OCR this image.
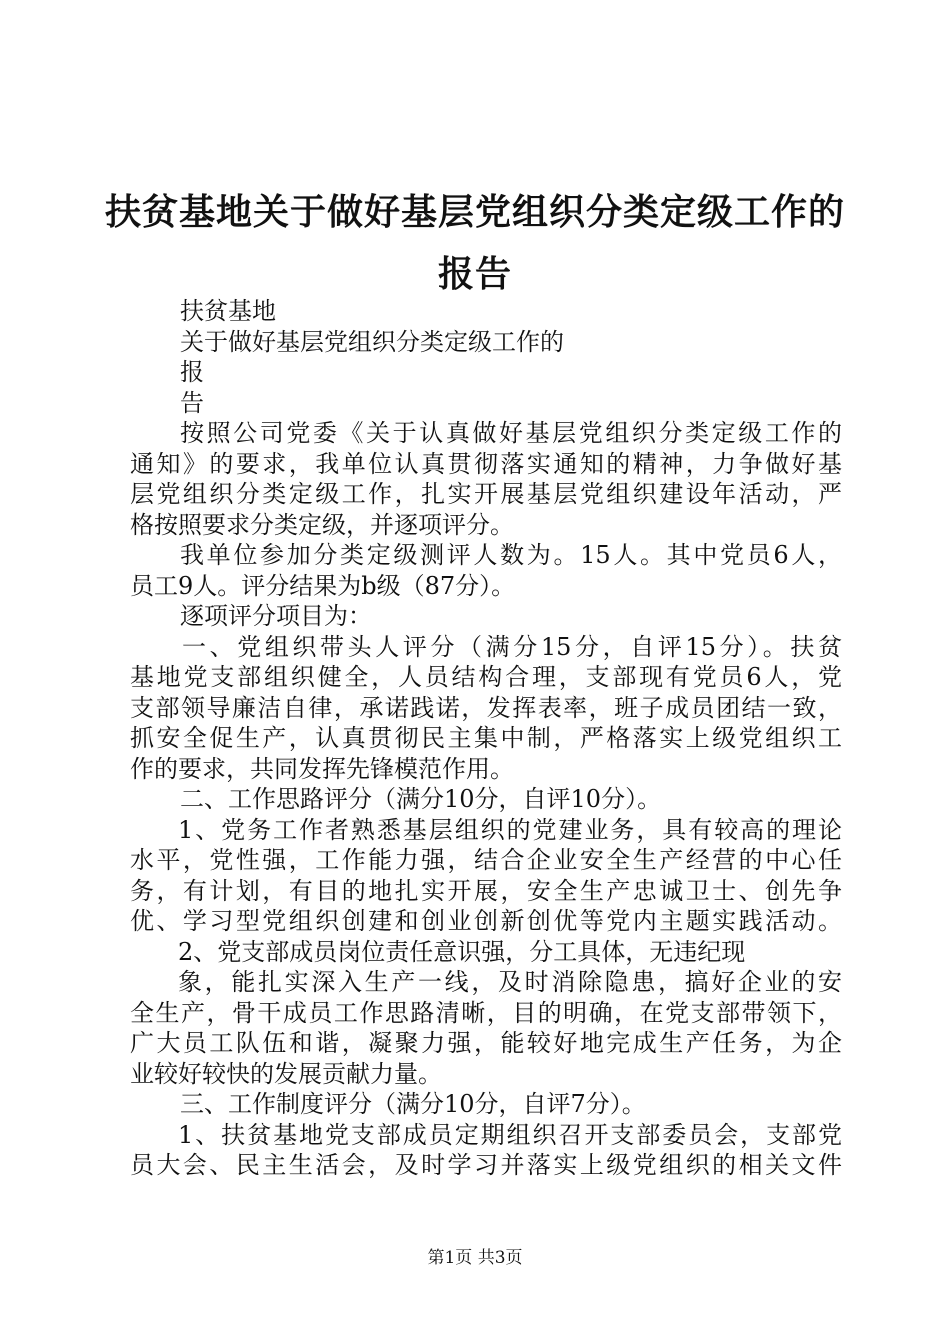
扶贫基地关于做好基层党组织分类定级工作的
报告
扶贫基地
关于做好基层党组织分类定级工作的
报
告
按照公司党委《关于认真做好基层党组织分类定级工作的
通知》的要求，我单位认真贯彻落实通知的精神，力争做好基
层党组织分类定级工作，扎实开展基层党组织建设年活动，严
格按照要求分类定级，并逐项评分。
我单位参加分类定级测评人数为。15人。其中党员6人，
员工9人。评分结果为b级（87分）。
逐项评分项目为：
一、党组织带头人评分（满分15分，自评15分）。扶贫
基地党支部组织健全，人员结构合理，支部现有党员6人，党
支部领导廉洁自律，承诺践诺，发挥表率，班子成员团结一致，
抓安全促生产，认真贯彻民主集中制，严格落实上级党组织工
作的要求，共同发挥先锋模范作用。
二、工作思路评分（满分10分，自评10分）。
1、党务工作者熟悉基层组织的党建业务，具有较高的理论
水平，党性强，工作能力强，结合企业安全生产经营的中心任
务，有计划，有目的地扎实开展，安全生产忠诚卫士、创先争
优、学习型党组织创建和创业创新创优等党内主题实践活动。
2、党支部成员岗位责任意识强，分工具体，无违纪现
象，能扎实深入生产一线，及时消除隐患，搞好企业的安
全生产，骨干成员工作思路清晰，目的明确，在党支部带领下，
广大员工队伍和谐，凝聚力强，能较好地完成生产任务，为企
业较好较快的发展贡献力量。
三、工作制度评分（满分10分，自评7分）。
1、扶贫基地党支部成员定期组织召开支部委员会，支部党
员大会、民主生活会，及时学习并落实上级党组织的相关文件
第1页 共3页
